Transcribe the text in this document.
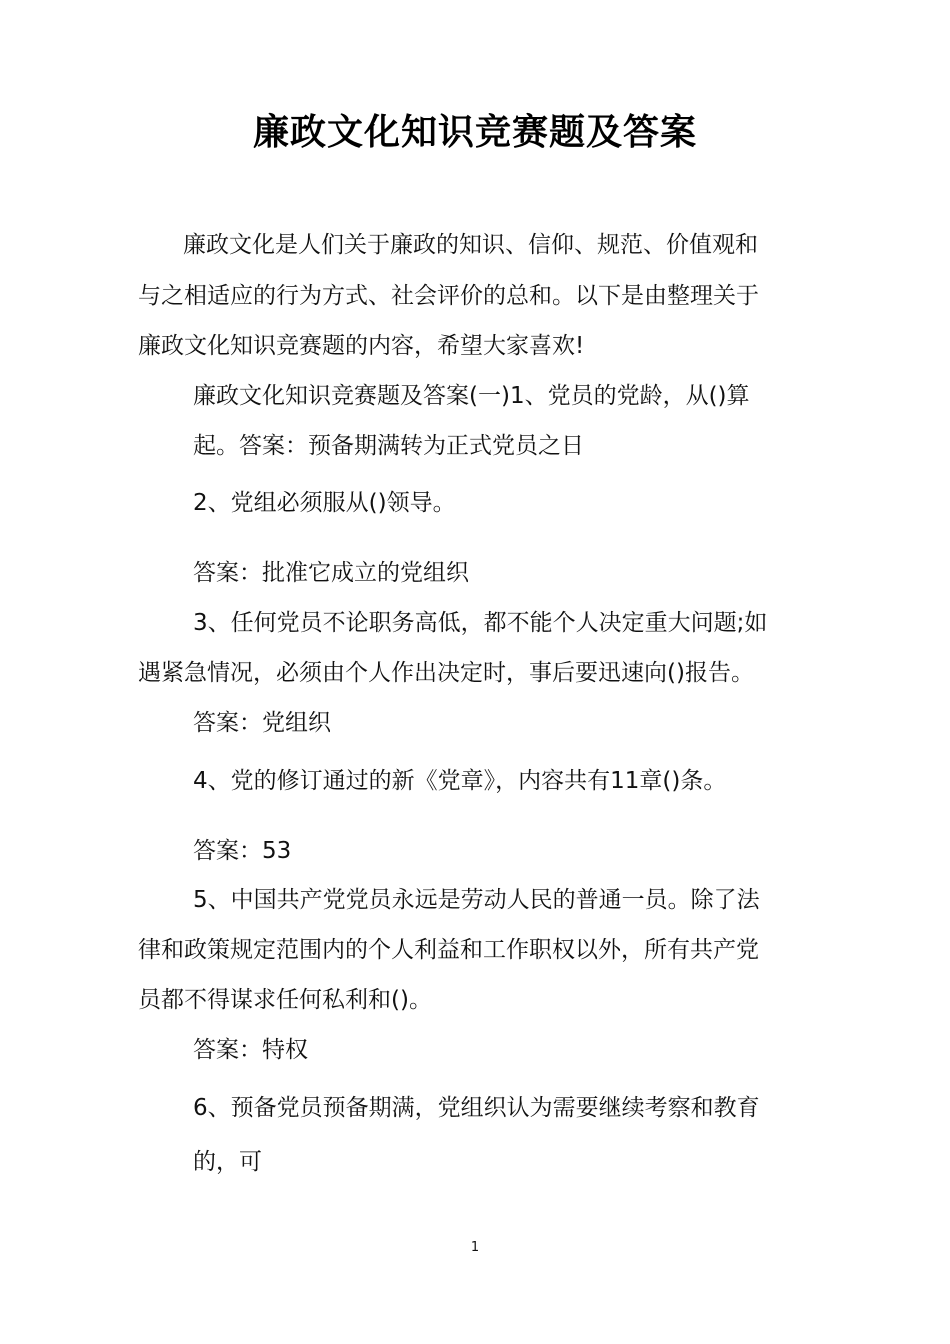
廉政文化知识竞赛题及答案
廉政文化是人们关于廉政的知识、信仰、规范、价值观和
与之相适应的行为方式、社会评价的总和。以下是由整理关于
廉政文化知识竞赛题的内容，希望大家喜欢!
廉政文化知识竞赛题及答案(一)1、党员的党龄，从()算
起。答案：预备期满转为正式党员之日
2、党组必须服从()领导。
答案：批准它成立的党组织
3、任何党员不论职务高低，都不能个人决定重大问题;如
遇紧急情况，必须由个人作出决定时，事后要迅速向()报告。
答案：党组织
4、党的修订通过的新《党章》，内容共有11章()条。
答案：53
5、中国共产党党员永远是劳动人民的普通一员。除了法
律和政策规定范围内的个人利益和工作职权以外，所有共产党
员都不得谋求任何私利和()。
答案：特权
6、预备党员预备期满，党组织认为需要继续考察和教育
的，可
1
